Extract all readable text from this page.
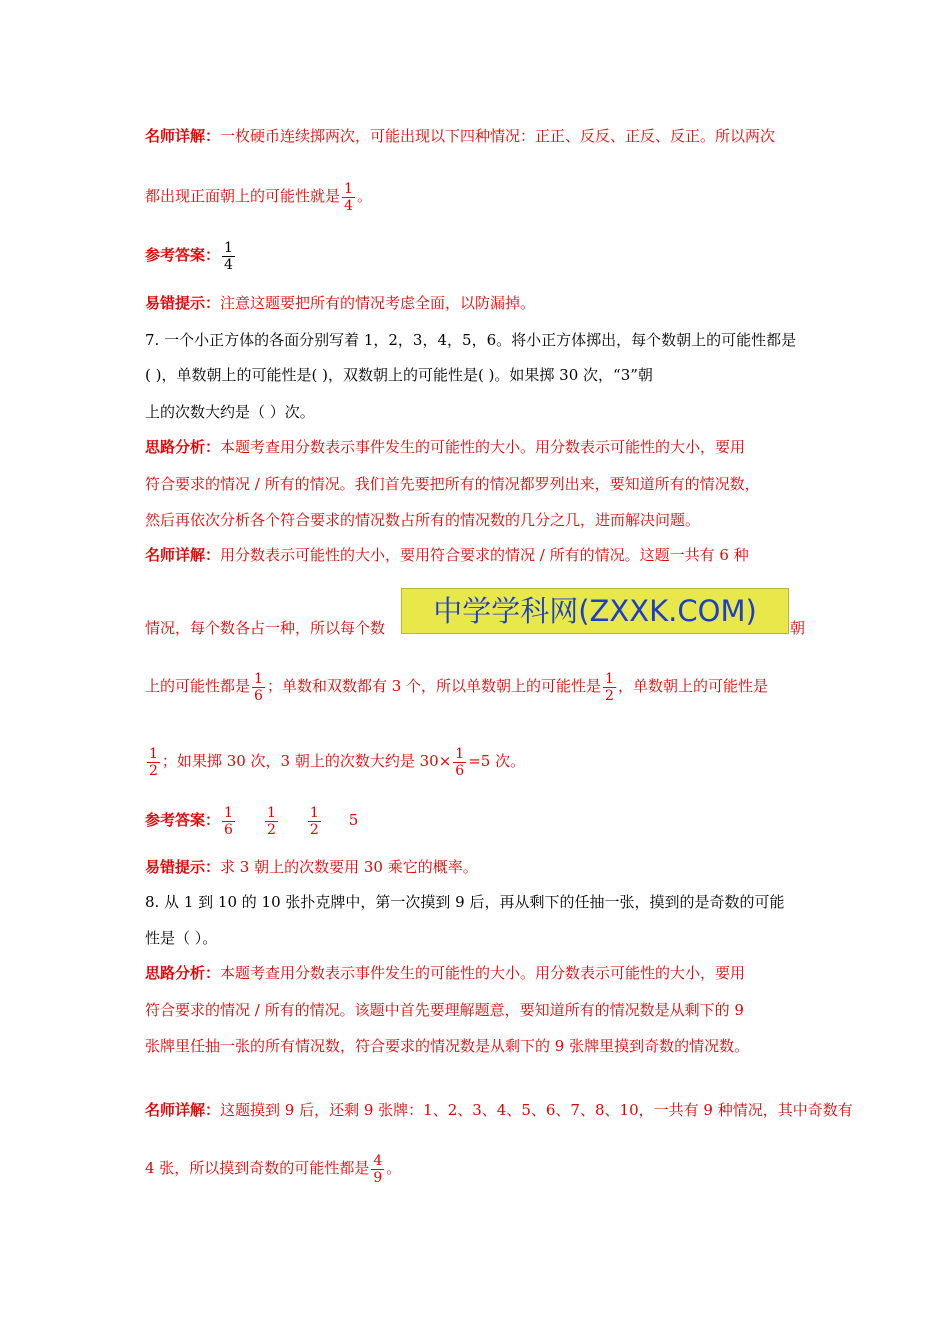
名师详解：一枚硬币连续掷两次，可能出现以下四种情况：正正、反反、正反、反正。所以两次
都出现正面朝上的可能性就是 $\frac{1}{4}$ 。
参考答案： $\frac{1}{4}$
易错提示：注意这题要把所有的情况考虑全面，以防漏掉。
7. 一个小正方体的各面分别写着 1，2，3，4，5，6。将小正方体掷出，每个数朝上的可能性都是
( )，单数朝上的可能性是( )，双数朝上的可能性是( )。如果掷 30 次，“3”朝
上的次数大约是（ ）次。
思路分析：本题考查用分数表示事件发生的可能性的大小。用分数表示可能性的大小，要用
符合要求的情况 / 所有的情况。我们首先要把所有的情况都罗列出来，要知道所有的情况数，
然后再依次分析各个符合要求的情况数占所有的情况数的几分之几，进而解决问题。
名师详解：用分数表示可能性的大小，要用符合要求的情况 / 所有的情况。这题一共有 6 种
情况，每个数各占一种，所以每个数	朝
中学学科网(ZXXK.COM)
上的可能性都是 $\frac{1}{6}$ ；单数和双数都有 3 个，所以单数朝上的可能性是 $\frac{1}{2}$ ，单数朝上的可能性是
$\frac{1}{2}$ ；如果掷 30 次，3 朝上的次数大约是 $30\times \frac{1}{6} =5$ 次。
参考答案： $\frac{1}{6} \frac{1}{2} \frac{1}{2} 5$
易错提示：求 3 朝上的次数要用 30 乘它的概率。
8. 从 1 到 10 的 10 张扑克牌中，第一次摸到 9 后，再从剩下的任抽一张，摸到的是奇数的可能
性是（ ）。
思路分析：本题考查用分数表示事件发生的可能性的大小。用分数表示可能性的大小，要用
符合要求的情况 / 所有的情况。该题中首先要理解题意，要知道所有的情况数是从剩下的 9
张牌里任抽一张的所有情况数，符合要求的情况数是从剩下的 9 张牌里摸到奇数的情况数。
名师详解：这题摸到 9 后，还剩 9 张牌：1、2、3、4、5、6、7、8、10，一共有 9 种情况，其中奇数有
4 张，所以摸到奇数的可能性都是 $\frac{4}{9}$ 。
